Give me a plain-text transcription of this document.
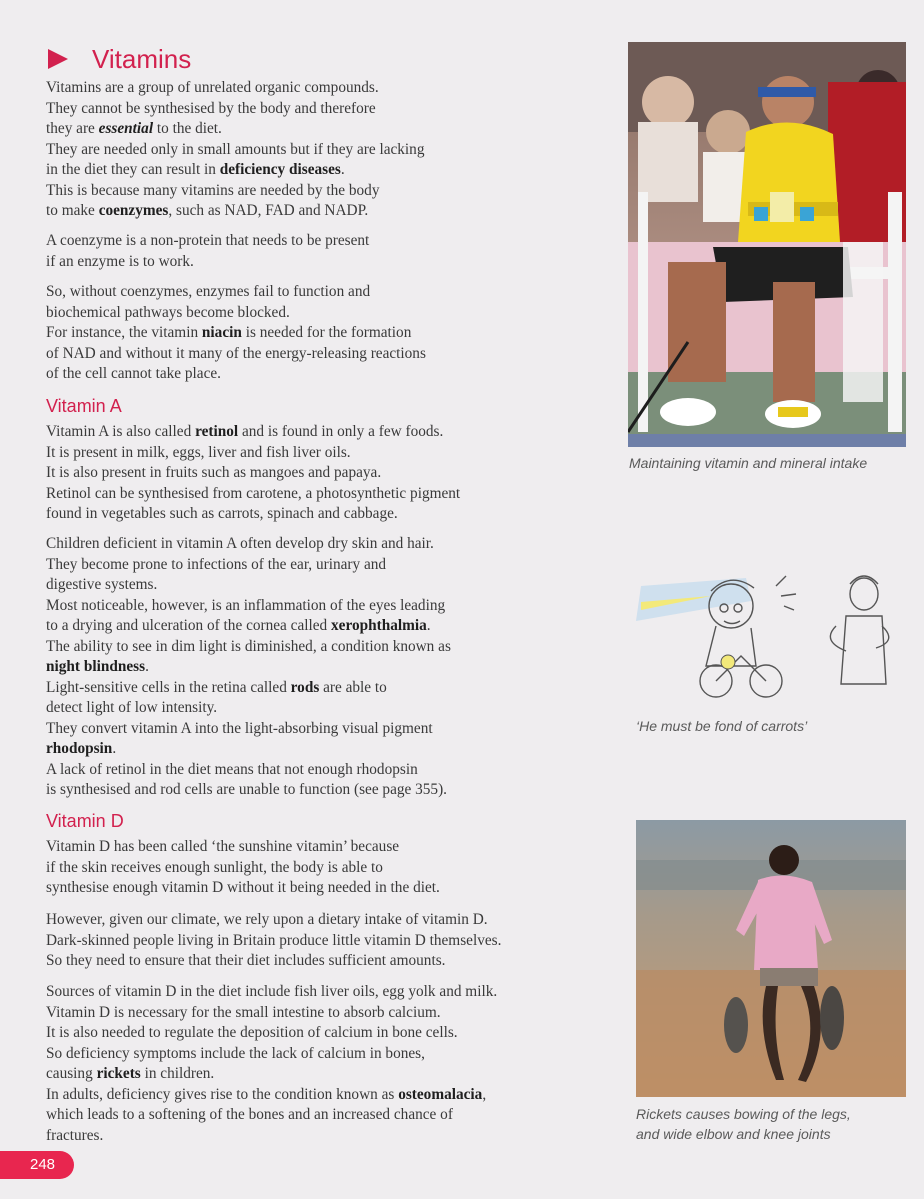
Vitamins
Vitamins are a group of unrelated organic compounds.
They cannot be synthesised by the body and therefore
they are essential to the diet.
They are needed only in small amounts but if they are lacking
in the diet they can result in deficiency diseases.
This is because many vitamins are needed by the body
to make coenzymes, such as NAD, FAD and NADP.
A coenzyme is a non-protein that needs to be present
if an enzyme is to work.
So, without coenzymes, enzymes fail to function and
biochemical pathways become blocked.
For instance, the vitamin niacin is needed for the formation
of NAD and without it many of the energy-releasing reactions
of the cell cannot take place.
Vitamin A
Vitamin A is also called retinol and is found in only a few foods.
It is present in milk, eggs, liver and fish liver oils.
It is also present in fruits such as mangoes and papaya.
Retinol can be synthesised from carotene, a photosynthetic pigment
found in vegetables such as carrots, spinach and cabbage.
Children deficient in vitamin A often develop dry skin and hair.
They become prone to infections of the ear, urinary and
digestive systems.
Most noticeable, however, is an inflammation of the eyes leading
to a drying and ulceration of the cornea called xerophthalmia.
The ability to see in dim light is diminished, a condition known as
night blindness.
Light-sensitive cells in the retina called rods are able to
detect light of low intensity.
They convert vitamin A into the light-absorbing visual pigment
rhodopsin.
A lack of retinol in the diet means that not enough rhodopsin
is synthesised and rod cells are unable to function (see page 355).
Vitamin D
Vitamin D has been called ‘the sunshine vitamin’ because
if the skin receives enough sunlight, the body is able to
synthesise enough vitamin D without it being needed in the diet.
However, given our climate, we rely upon a dietary intake of vitamin D.
Dark-skinned people living in Britain produce little vitamin D themselves.
So they need to ensure that their diet includes sufficient amounts.
Sources of vitamin D in the diet include fish liver oils, egg yolk and milk.
Vitamin D is necessary for the small intestine to absorb calcium.
It is also needed to regulate the deposition of calcium in bone cells.
So deficiency symptoms include the lack of calcium in bones,
causing rickets in children.
In adults, deficiency gives rise to the condition known as osteomalacia,
which leads to a softening of the bones and an increased chance of
fractures.
Maintaining vitamin and mineral intake
‘He must be fond of carrots’
Rickets causes bowing of the legs,
and wide elbow and knee joints
248
